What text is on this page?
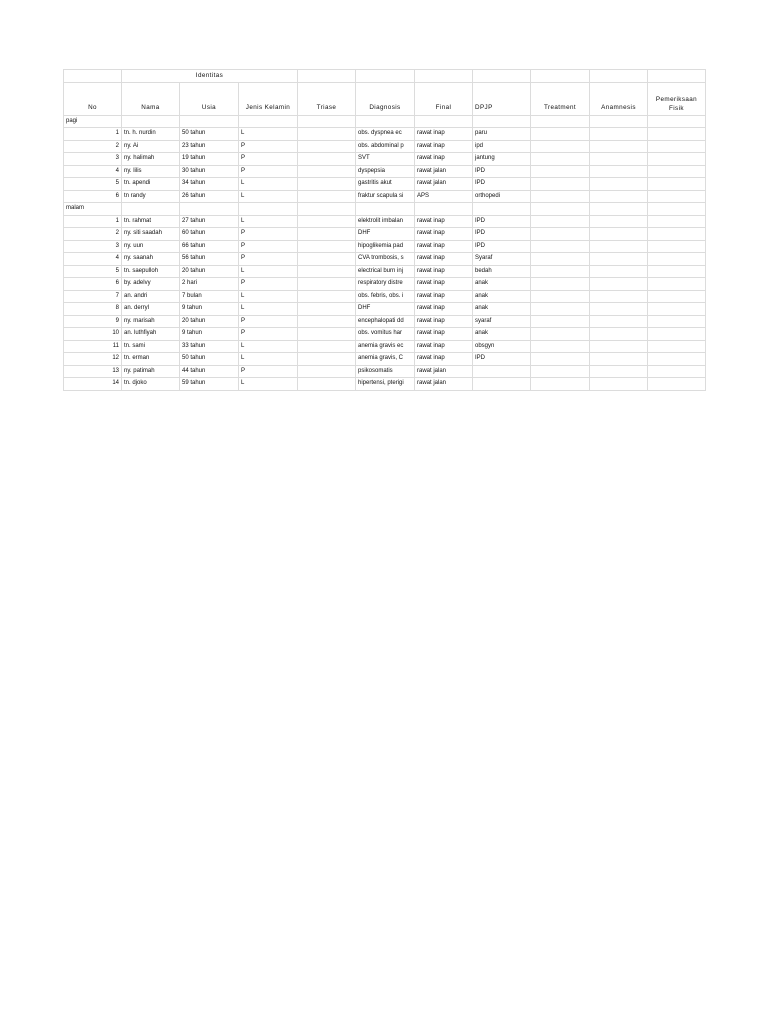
	Identitas									
No	Nama	Usia	Jenis Kelamin	Triase	Diagnosis	Final	DPJP	Treatment	Anamnesis	Pemeriksaan Fisik
pagi										
1	tn. h. nurdin	50 tahun	L		obs. dyspnea ec	rawat inap	paru			
2	ny. Ai	23 tahun	P		obs. abdominal p	rawat inap	ipd			
3	ny. halimah	19 tahun	P		SVT	rawat inap	jantung			
4	ny. lilis	30 tahun	P		dyspepsia	rawat jalan	IPD			
5	tn. apendi	34 tahun	L		gastritis akut	rawat jalan	IPD			
6	tn randy	26 tahun	L		fraktur scapula si	APS	orthopedi			
malam										
1	tn. rahmat	27 tahun	L		elektrolit imbalan	rawat inap	IPD			
2	ny. siti saadah	60 tahun	P		DHF	rawat inap	IPD			
3	ny. uun	66 tahun	P		hipoglikemia pad	rawat inap	IPD			
4	ny. saanah	56 tahun	P		CVA trombosis, s	rawat inap	Syaraf			
5	tn. saepulloh	20 tahun	L		electrical burn inj	rawat inap	bedah			
6	by. adelvy	2 hari	P		respiratory distre	rawat inap	anak			
7	an. andri	7 bulan	L		obs. febris, obs. i	rawat inap	anak			
8	an. derryl	9 tahun	L		DHF	rawat inap	anak			
9	ny. marisah	20 tahun	P		encephalopati dd	rawat inap	syaraf			
10	an. luthfiyah	9 tahun	P		obs. vomitus har	rawat inap	anak			
11	tn. sami	33 tahun	L		anemia gravis ec	rawat inap	obsgyn			
12	tn. erman	50 tahun	L		anemia gravis, C	rawat inap	IPD			
13	ny. patimah	44 tahun	P		psikosomatis	rawat jalan				
14	tn. djoko	59 tahun	L		hipertensi, pterigi	rawat jalan				
